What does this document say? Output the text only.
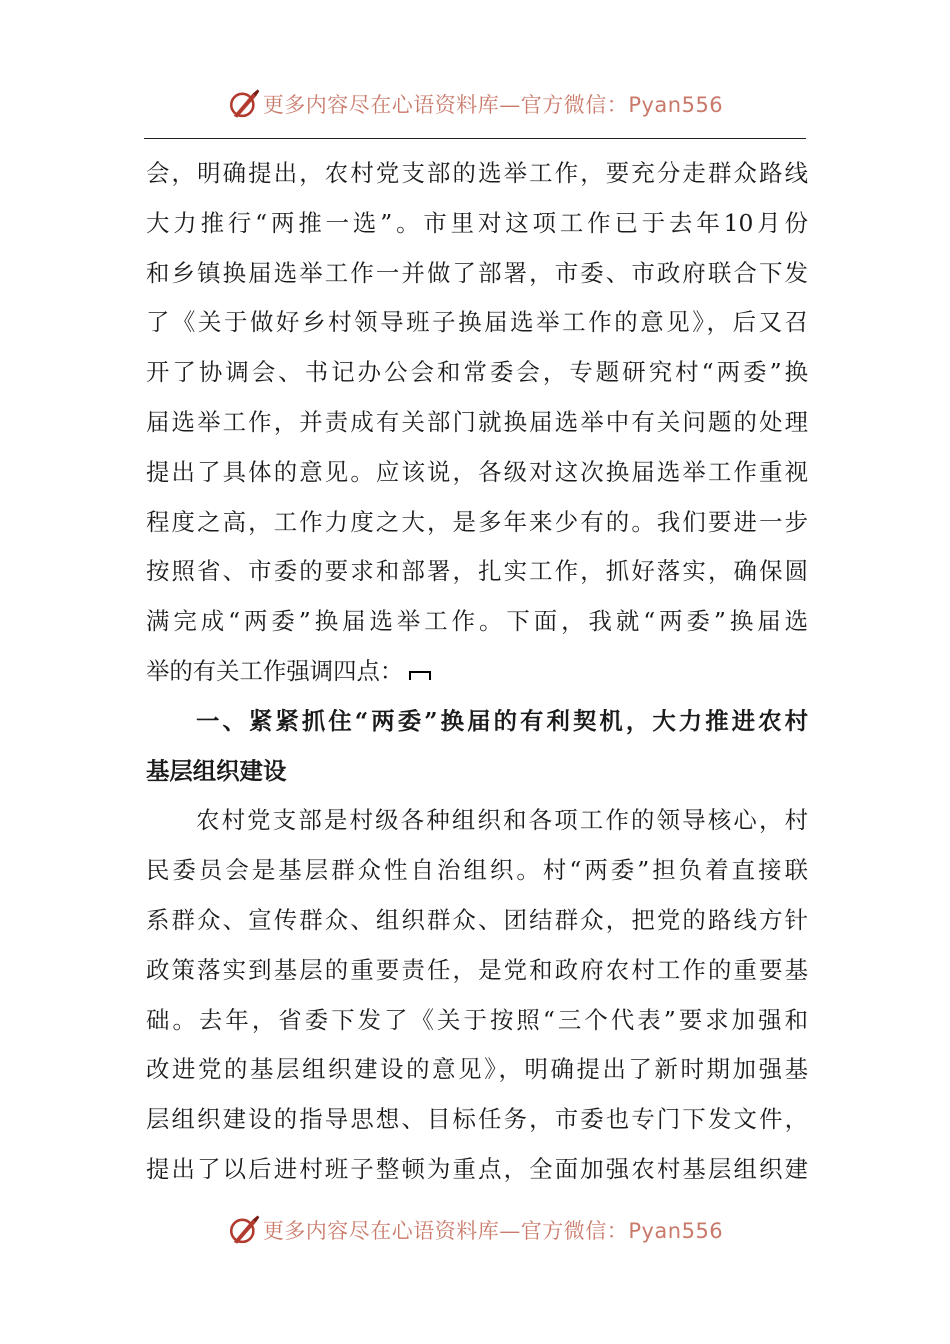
更多内容尽在心语资料库—官方微信：Pyan556
会，明确提出，农村党支部的选举工作，要充分走群众路线
大力推行“两推一选”。市里对这项工作已于去年10月份
和乡镇换届选举工作一并做了部署，市委、市政府联合下发
了《关于做好乡村领导班子换届选举工作的意见》，后又召
开了协调会、书记办公会和常委会，专题研究村“两委”换
届选举工作，并责成有关部门就换届选举中有关问题的处理
提出了具体的意见。应该说，各级对这次换届选举工作重视
程度之高，工作力度之大，是多年来少有的。我们要进一步
按照省、市委的要求和部署，扎实工作，抓好落实，确保圆
满完成“两委”换届选举工作。下面，我就“两委”换届选
举的有关工作强调四点：
一、紧紧抓住“两委”换届的有利契机，大力推进农村
基层组织建设
农村党支部是村级各种组织和各项工作的领导核心，村
民委员会是基层群众性自治组织。村“两委”担负着直接联
系群众、宣传群众、组织群众、团结群众，把党的路线方针
政策落实到基层的重要责任，是党和政府农村工作的重要基
础。去年，省委下发了《关于按照“三个代表”要求加强和
改进党的基层组织建设的意见》，明确提出了新时期加强基
层组织建设的指导思想、目标任务，市委也专门下发文件，
提出了以后进村班子整顿为重点，全面加强农村基层组织建
更多内容尽在心语资料库—官方微信：Pyan556
